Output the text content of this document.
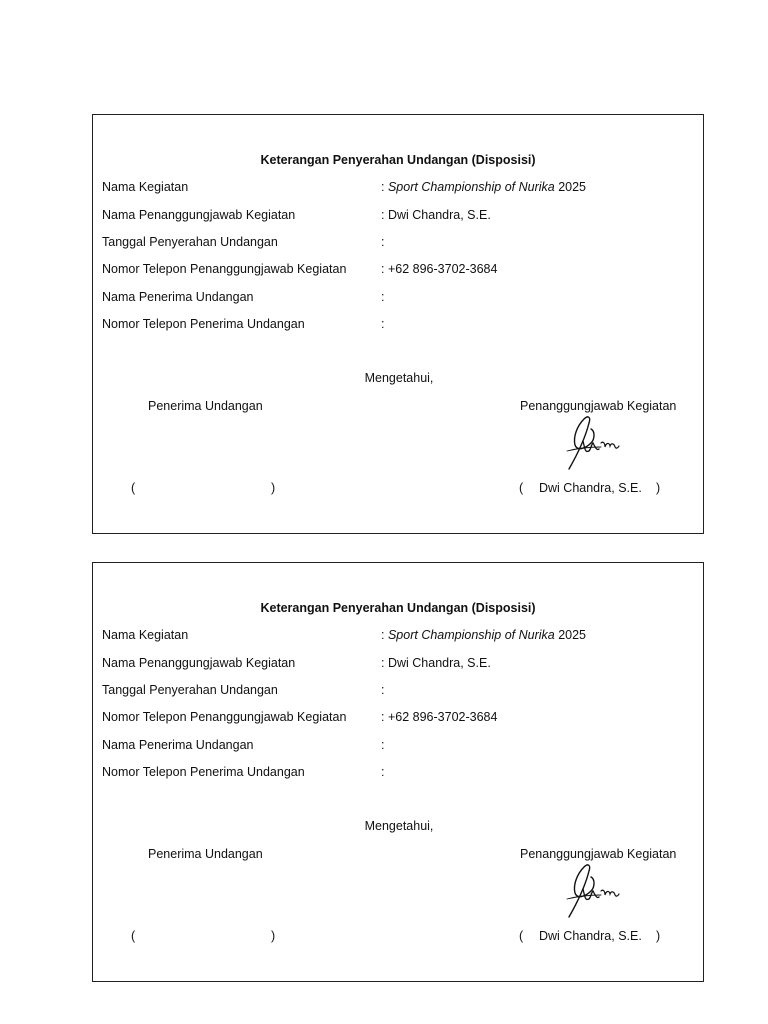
Keterangan Penyerahan Undangan (Disposisi)
Nama Kegiatan	: Sport Championship of Nurika 2025
Nama Penanggungjawab Kegiatan	: Dwi Chandra, S.E.
Tanggal Penyerahan Undangan	:
Nomor Telepon Penanggungjawab Kegiatan	: +62 896-3702-3684
Nama Penerima Undangan	:
Nomor Telepon Penerima Undangan	:
Mengetahui,
Penerima Undangan	Penanggungjawab Kegiatan
(	)	( Dwi Chandra, S.E. )
Keterangan Penyerahan Undangan (Disposisi)
Nama Kegiatan	: Sport Championship of Nurika 2025
Nama Penanggungjawab Kegiatan	: Dwi Chandra, S.E.
Tanggal Penyerahan Undangan	:
Nomor Telepon Penanggungjawab Kegiatan	: +62 896-3702-3684
Nama Penerima Undangan	:
Nomor Telepon Penerima Undangan	:
Mengetahui,
Penerima Undangan	Penanggungjawab Kegiatan
(	)	( Dwi Chandra, S.E. )
